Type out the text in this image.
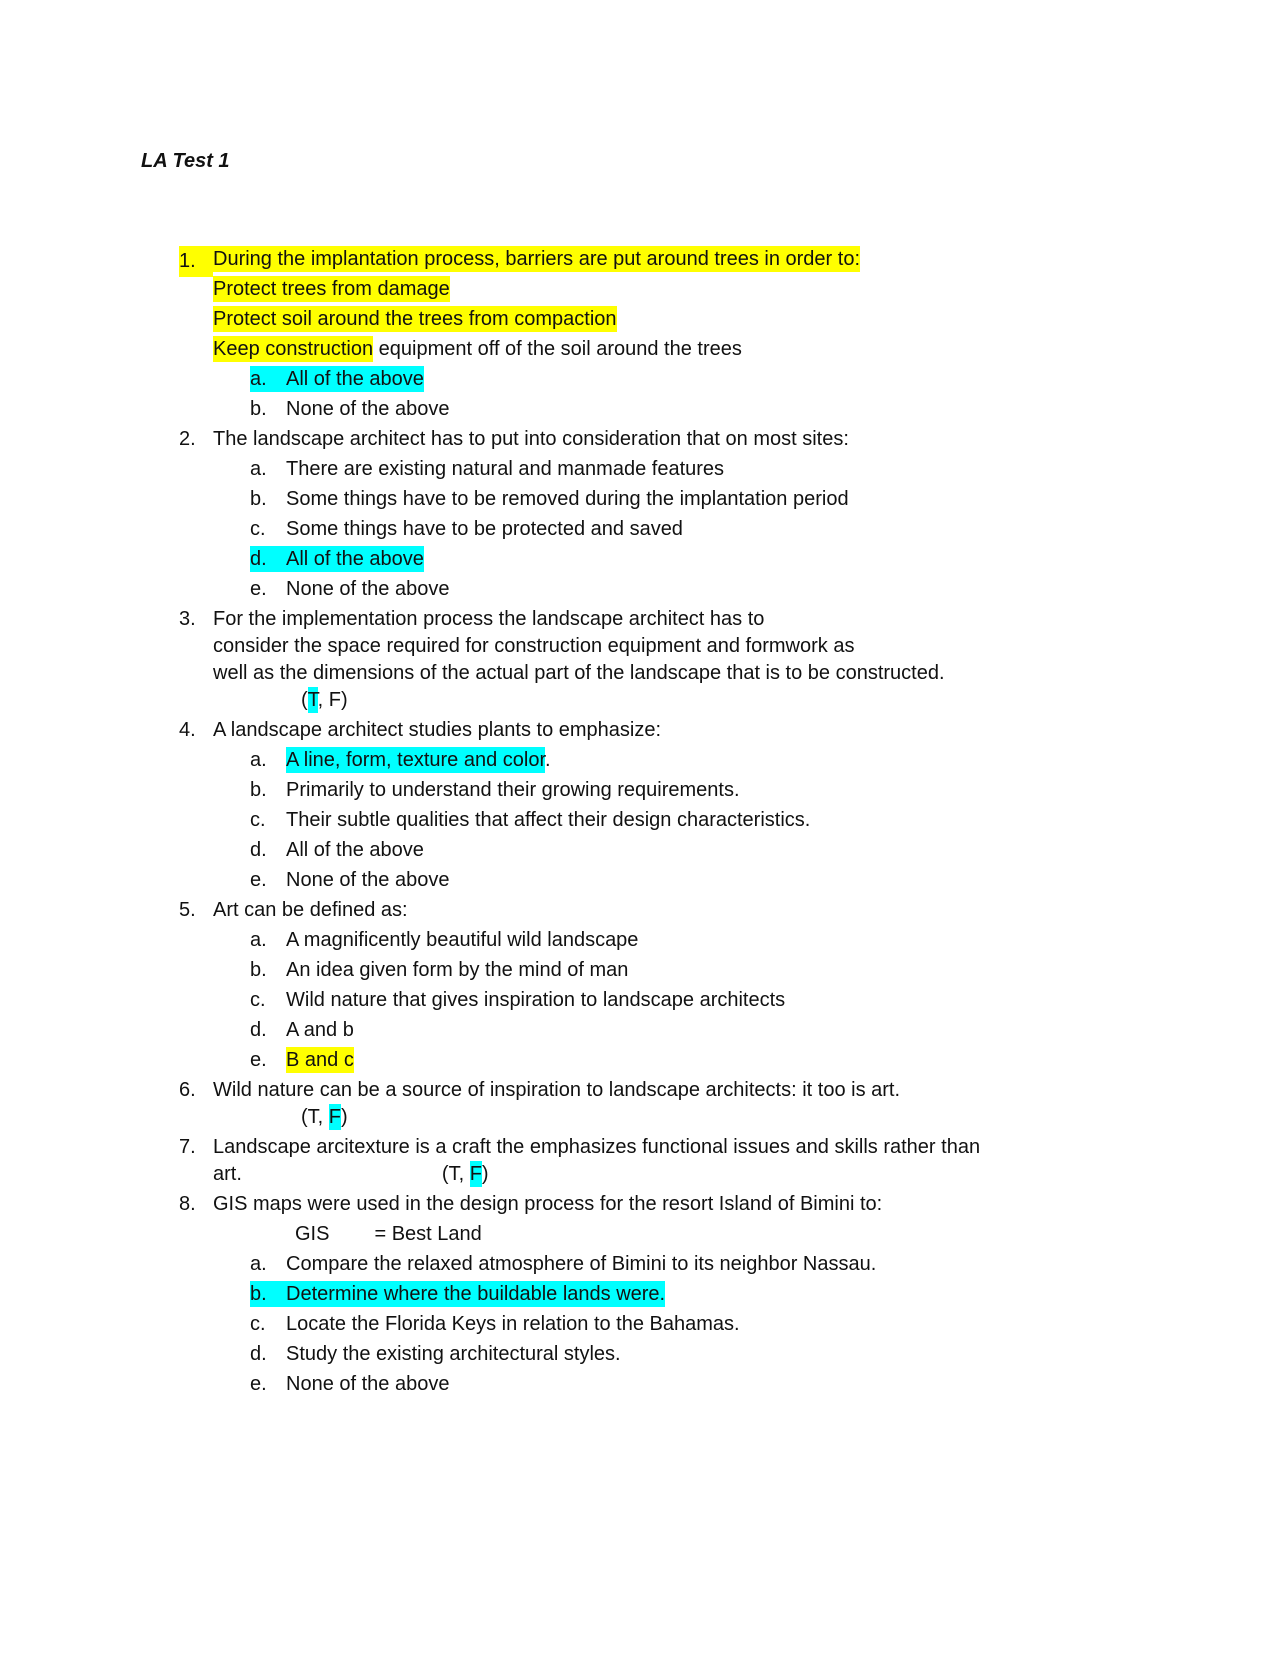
LA Test 1
1. During the implantation process, barriers are put around trees in order to:
Protect trees from damage
Protect soil around the trees from compaction
Keep construction equipment off of the soil around the trees
a. All of the above
b. None of the above
2. The landscape architect has to put into consideration that on most sites:
a. There are existing natural and manmade features
b. Some things have to be removed during the implantation period
c. Some things have to be protected and saved
d. All of the above
e. None of the above
3. For the implementation process the landscape architect has to
consider the space required for construction equipment and formwork as
well as the dimensions of the actual part of the landscape that is to be constructed.
(T, F)
4. A landscape architect studies plants to emphasize:
a. A line, form, texture and color.
b. Primarily to understand their growing requirements.
c. Their subtle qualities that affect their design characteristics.
d. All of the above
e. None of the above
5. Art can be defined as:
a. A magnificently beautiful wild landscape
b. An idea given form by the mind of man
c. Wild nature that gives inspiration to landscape architects
d. A and b
e. B and c
6. Wild nature can be a source of inspiration to landscape architects: it too is art.
(T, F)
7. Landscape arcitexture is a craft the emphasizes functional issues and skills rather than
art.	(T, F)
8. GIS maps were used in the design process for the resort Island of Bimini to:
GIS = Best Land
a. Compare the relaxed atmosphere of Bimini to its neighbor Nassau.
b. Determine where the buildable lands were.
c. Locate the Florida Keys in relation to the Bahamas.
d. Study the existing architectural styles.
e. None of the above
